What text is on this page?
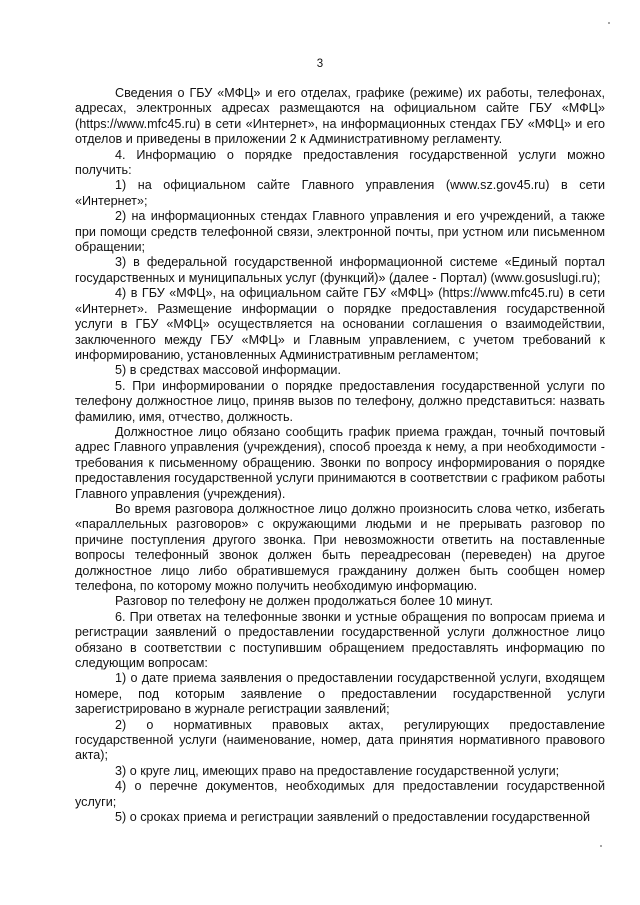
3

Сведения о ГБУ «МФЦ» и его отделах, графике (режиме) их работы, телефонах, адресах, электронных адресах размещаются на официальном сайте ГБУ «МФЦ» (https://www.mfc45.ru) в сети «Интернет», на информационных стендах ГБУ «МФЦ» и его отделов и приведены в приложении 2 к Административному регламенту.

4. Информацию о порядке предоставления государственной услуги можно получить:

1) на официальном сайте Главного управления (www.sz.gov45.ru) в сети «Интернет»;

2) на информационных стендах Главного управления и его учреждений, а также при помощи средств телефонной связи, электронной почты, при устном или письменном обращении;

3) в федеральной государственной информационной системе «Единый портал государственных и муниципальных услуг (функций)» (далее - Портал) (www.gosuslugi.ru);

4) в ГБУ «МФЦ», на официальном сайте ГБУ «МФЦ» (https://www.mfc45.ru) в сети «Интернет». Размещение информации о порядке предоставления государственной услуги в ГБУ «МФЦ» осуществляется на основании соглашения о взаимодействии, заключенного между ГБУ «МФЦ» и Главным управлением, с учетом требований к информированию, установленных Административным регламентом;

5) в средствах массовой информации.

5. При информировании о порядке предоставления государственной услуги по телефону должностное лицо, приняв вызов по телефону, должно представиться: назвать фамилию, имя, отчество, должность.

Должностное лицо обязано сообщить график приема граждан, точный почтовый адрес Главного управления (учреждения), способ проезда к нему, а при необходимости - требования к письменному обращению. Звонки по вопросу информирования о порядке предоставления государственной услуги принимаются в соответствии с графиком работы Главного управления (учреждения).

Во время разговора должностное лицо должно произносить слова четко, избегать «параллельных разговоров» с окружающими людьми и не прерывать разговор по причине поступления другого звонка. При невозможности ответить на поставленные вопросы телефонный звонок должен быть переадресован (переведен) на другое должностное лицо либо обратившемуся гражданину должен быть сообщен номер телефона, по которому можно получить необходимую информацию.

Разговор по телефону не должен продолжаться более 10 минут.

6. При ответах на телефонные звонки и устные обращения по вопросам приема и регистрации заявлений о предоставлении государственной услуги должностное лицо обязано в соответствии с поступившим обращением предоставлять информацию по следующим вопросам:

1) о дате приема заявления о предоставлении государственной услуги, входящем номере, под которым заявление о предоставлении государственной услуги зарегистрировано в журнале регистрации заявлений;

2) о нормативных правовых актах, регулирующих предоставление государственной услуги (наименование, номер, дата принятия нормативного правового акта);

3) о круге лиц, имеющих право на предоставление государственной услуги;

4) о перечне документов, необходимых для предоставлении государственной услуги;

5) о сроках приема и регистрации заявлений о предоставлении государственной
